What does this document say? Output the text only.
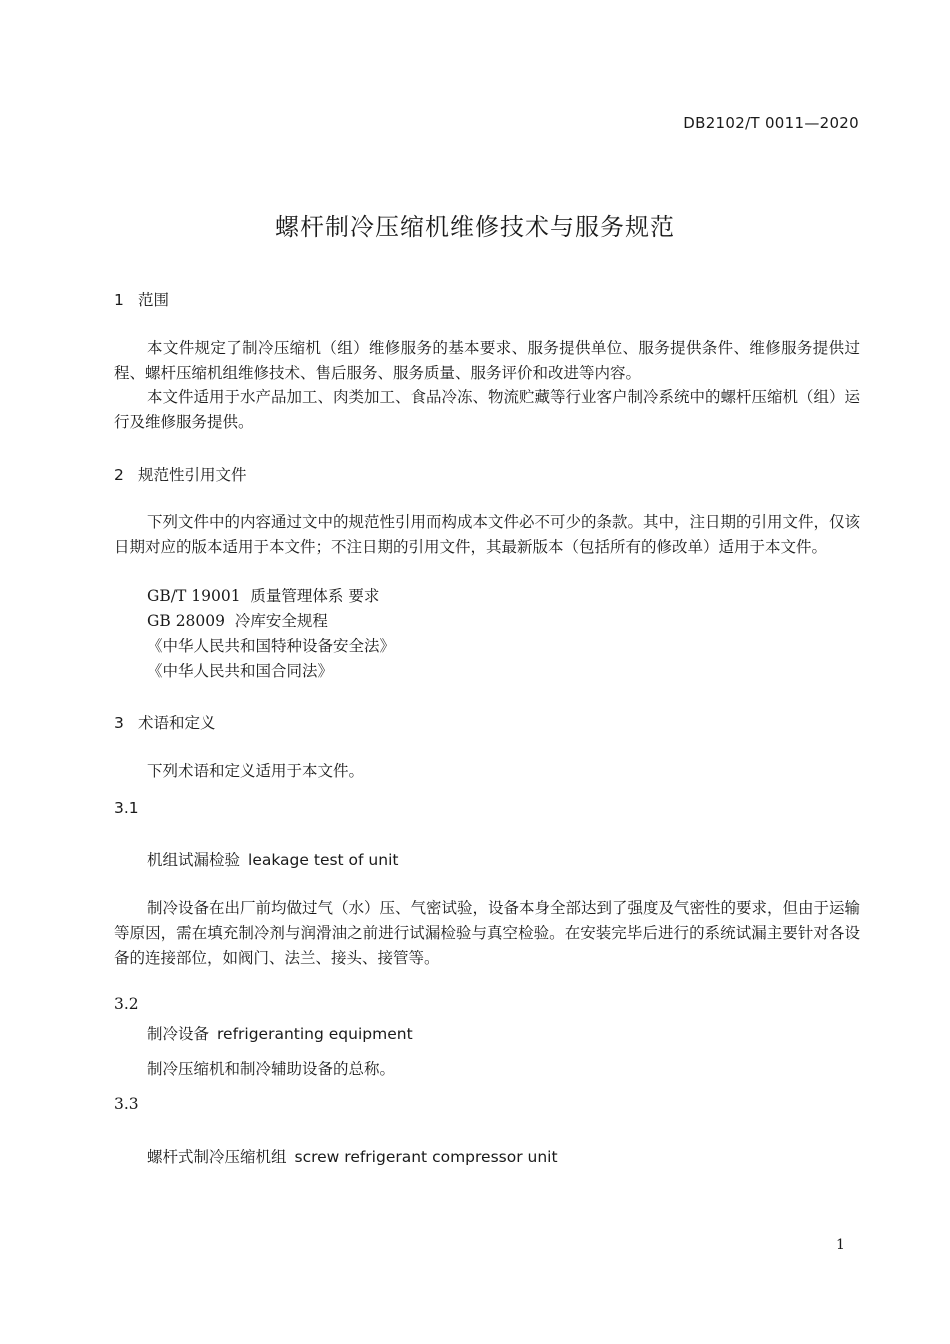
DB2102/T 0011—2020
螺杆制冷压缩机维修技术与服务规范
1 范围
本文件规定了制冷压缩机（组）维修服务的基本要求、服务提供单位、服务提供条件、维修服务提供过程、螺杆压缩机组维修技术、售后服务、服务质量、服务评价和改进等内容。
本文件适用于水产品加工、肉类加工、食品冷冻、物流贮藏等行业客户制冷系统中的螺杆压缩机（组）运行及维修服务提供。
2 规范性引用文件
下列文件中的内容通过文中的规范性引用而构成本文件必不可少的条款。其中，注日期的引用文件，仅该日期对应的版本适用于本文件；不注日期的引用文件，其最新版本（包括所有的修改单）适用于本文件。
GB/T 19001  质量管理体系 要求
GB 28009  冷库安全规程
《中华人民共和国特种设备安全法》
《中华人民共和国合同法》
3 术语和定义
下列术语和定义适用于本文件。
3.1
机组试漏检验 leakage test of unit
制冷设备在出厂前均做过气（水）压、气密试验，设备本身全部达到了强度及气密性的要求，但由于运输等原因，需在填充制冷剂与润滑油之前进行试漏检验与真空检验。在安装完毕后进行的系统试漏主要针对各设备的连接部位，如阀门、法兰、接头、接管等。
3.2
制冷设备 refrigeranting equipment
制冷压缩机和制冷辅助设备的总称。
3.3
螺杆式制冷压缩机组 screw refrigerant compressor unit
1
